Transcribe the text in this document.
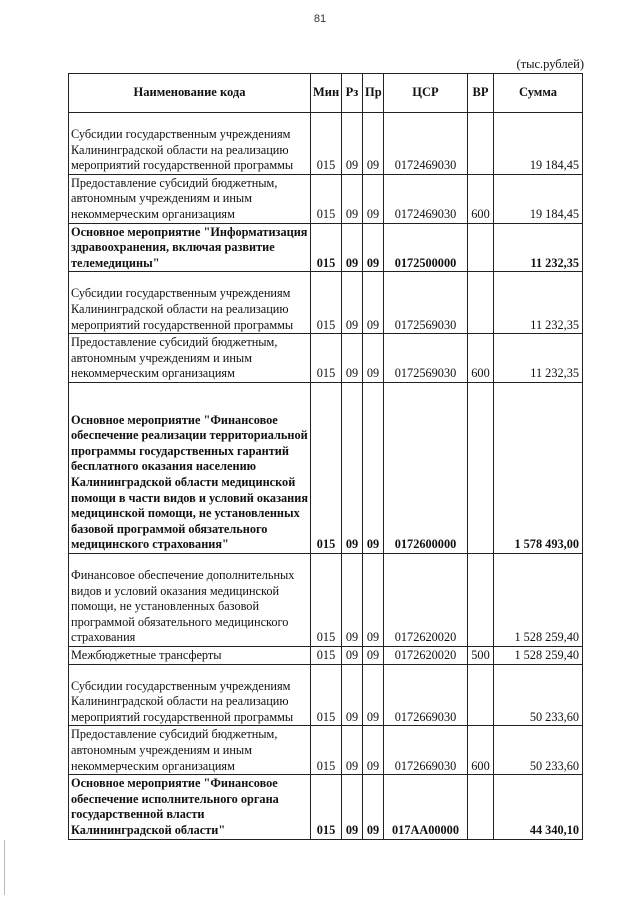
81
(тыс.рублей)
Наименование кода	Мин	Рз	Пр	ЦСР	ВР	Сумма
Субсидии государственным учреждениям Калининградской области на реализацию мероприятий государственной программы	015	09	09	0172469030		19 184,45
Предоставление субсидий бюджетным, автономным учреждениям и иным некоммерческим организациям	015	09	09	0172469030	600	19 184,45
Основное мероприятие "Информатизация здравоохранения, включая развитие телемедицины"	015	09	09	0172500000		11 232,35
Субсидии государственным учреждениям Калининградской области на реализацию мероприятий государственной программы	015	09	09	0172569030		11 232,35
Предоставление субсидий бюджетным, автономным учреждениям и иным некоммерческим организациям	015	09	09	0172569030	600	11 232,35
Основное мероприятие "Финансовое обеспечение реализации территориальной программы государственных гарантий бесплатного оказания населению Калининградской области медицинской помощи в части видов и условий оказания медицинской помощи, не установленных базовой программой обязательного медицинского страхования"	015	09	09	0172600000		1 578 493,00
Финансовое обеспечение дополнительных видов и условий оказания медицинской помощи, не установленных базовой программой обязательного медицинского страхования	015	09	09	0172620020		1 528 259,40
Межбюджетные трансферты	015	09	09	0172620020	500	1 528 259,40
Субсидии государственным учреждениям Калининградской области на реализацию мероприятий государственной программы	015	09	09	0172669030		50 233,60
Предоставление субсидий бюджетным, автономным учреждениям и иным некоммерческим организациям	015	09	09	0172669030	600	50 233,60
Основное мероприятие "Финансовое обеспечение исполнительного органа государственной власти Калининградской области"	015	09	09	017АА00000		44 340,10
